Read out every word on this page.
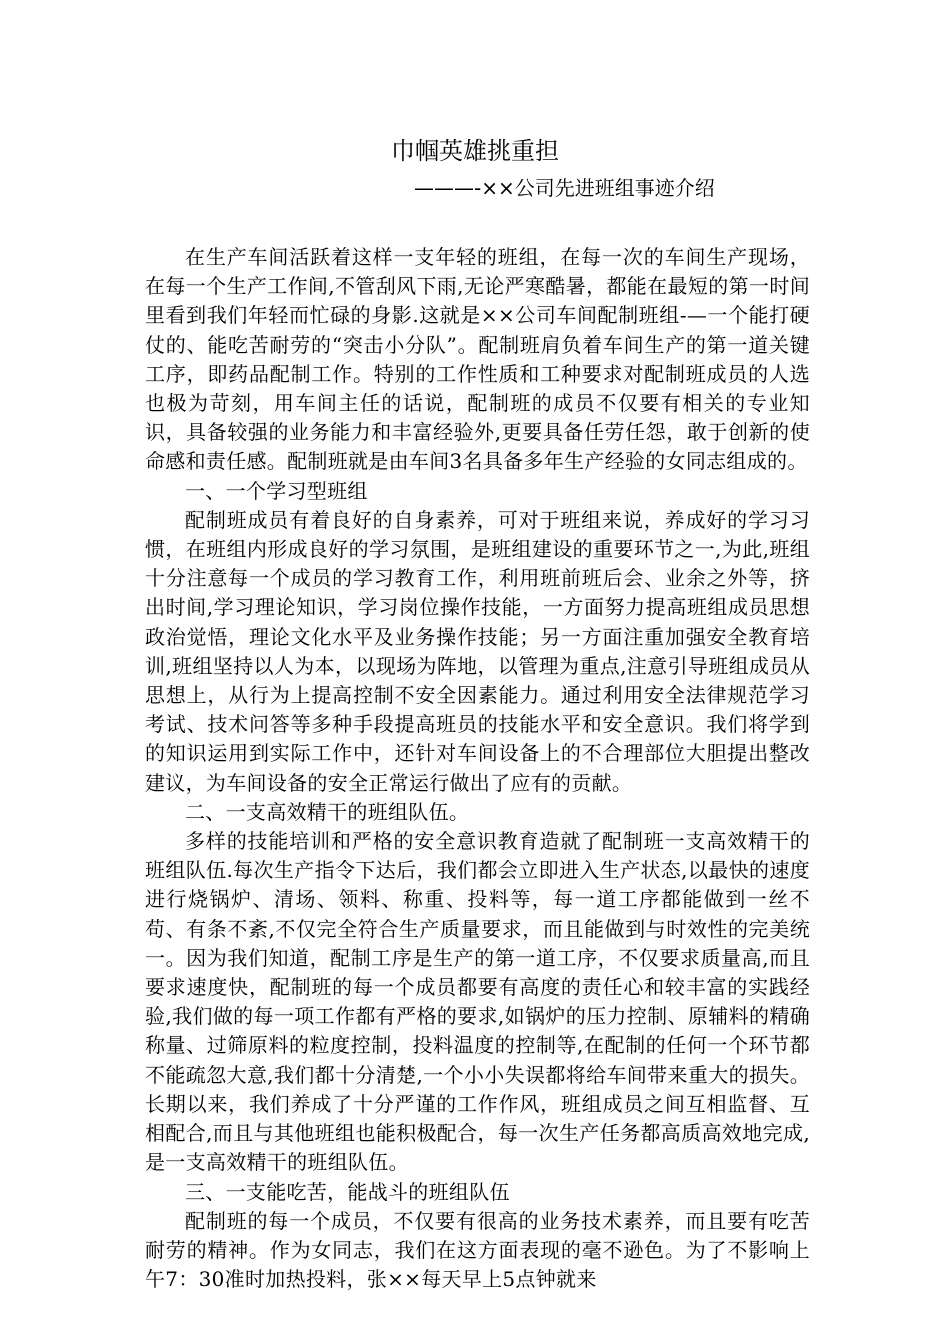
巾帼英雄挑重担
———-××公司先进班组事迹介绍

在生产车间活跃着这样一支年轻的班组，在每一次的车间生产现场，在每一个生产工作间,不管刮风下雨,无论严寒酷暑，都能在最短的第一时间里看到我们年轻而忙碌的身影.这就是××公司车间配制班组-—一个能打硬仗的、能吃苦耐劳的“突击小分队”。配制班肩负着车间生产的第一道关键工序，即药品配制工作。特别的工作性质和工种要求对配制班成员的人选也极为苛刻，用车间主任的话说，配制班的成员不仅要有相关的专业知识，具备较强的业务能力和丰富经验外,更要具备任劳任怨，敢于创新的使命感和责任感。配制班就是由车间3名具备多年生产经验的女同志组成的。

一、一个学习型班组

配制班成员有着良好的自身素养，可对于班组来说，养成好的学习习惯，在班组内形成良好的学习氛围，是班组建设的重要环节之一,为此,班组十分注意每一个成员的学习教育工作，利用班前班后会、业余之外等，挤出时间,学习理论知识，学习岗位操作技能，一方面努力提高班组成员思想政治觉悟，理论文化水平及业务操作技能；另一方面注重加强安全教育培训,班组坚持以人为本，以现场为阵地，以管理为重点,注意引导班组成员从思想上，从行为上提高控制不安全因素能力。通过利用安全法律规范学习考试、技术问答等多种手段提高班员的技能水平和安全意识。我们将学到的知识运用到实际工作中，还针对车间设备上的不合理部位大胆提出整改建议，为车间设备的安全正常运行做出了应有的贡献。

二、一支高效精干的班组队伍。

多样的技能培训和严格的安全意识教育造就了配制班一支高效精干的班组队伍.每次生产指令下达后，我们都会立即进入生产状态,以最快的速度进行烧锅炉、清场、领料、称重、投料等，每一道工序都能做到一丝不苟、有条不紊,不仅完全符合生产质量要求，而且能做到与时效性的完美统一。因为我们知道，配制工序是生产的第一道工序，不仅要求质量高,而且要求速度快，配制班的每一个成员都要有高度的责任心和较丰富的实践经验,我们做的每一项工作都有严格的要求,如锅炉的压力控制、原辅料的精确称量、过筛原料的粒度控制，投料温度的控制等,在配制的任何一个环节都不能疏忽大意,我们都十分清楚,一个小小失误都将给车间带来重大的损失。长期以来，我们养成了十分严谨的工作作风，班组成员之间互相监督、互相配合,而且与其他班组也能积极配合，每一次生产任务都高质高效地完成,是一支高效精干的班组队伍。

三、一支能吃苦，能战斗的班组队伍

配制班的每一个成员，不仅要有很高的业务技术素养，而且要有吃苦耐劳的精神。作为女同志，我们在这方面表现的毫不逊色。为了不影响上午7：30准时加热投料，张××每天早上5点钟就来
